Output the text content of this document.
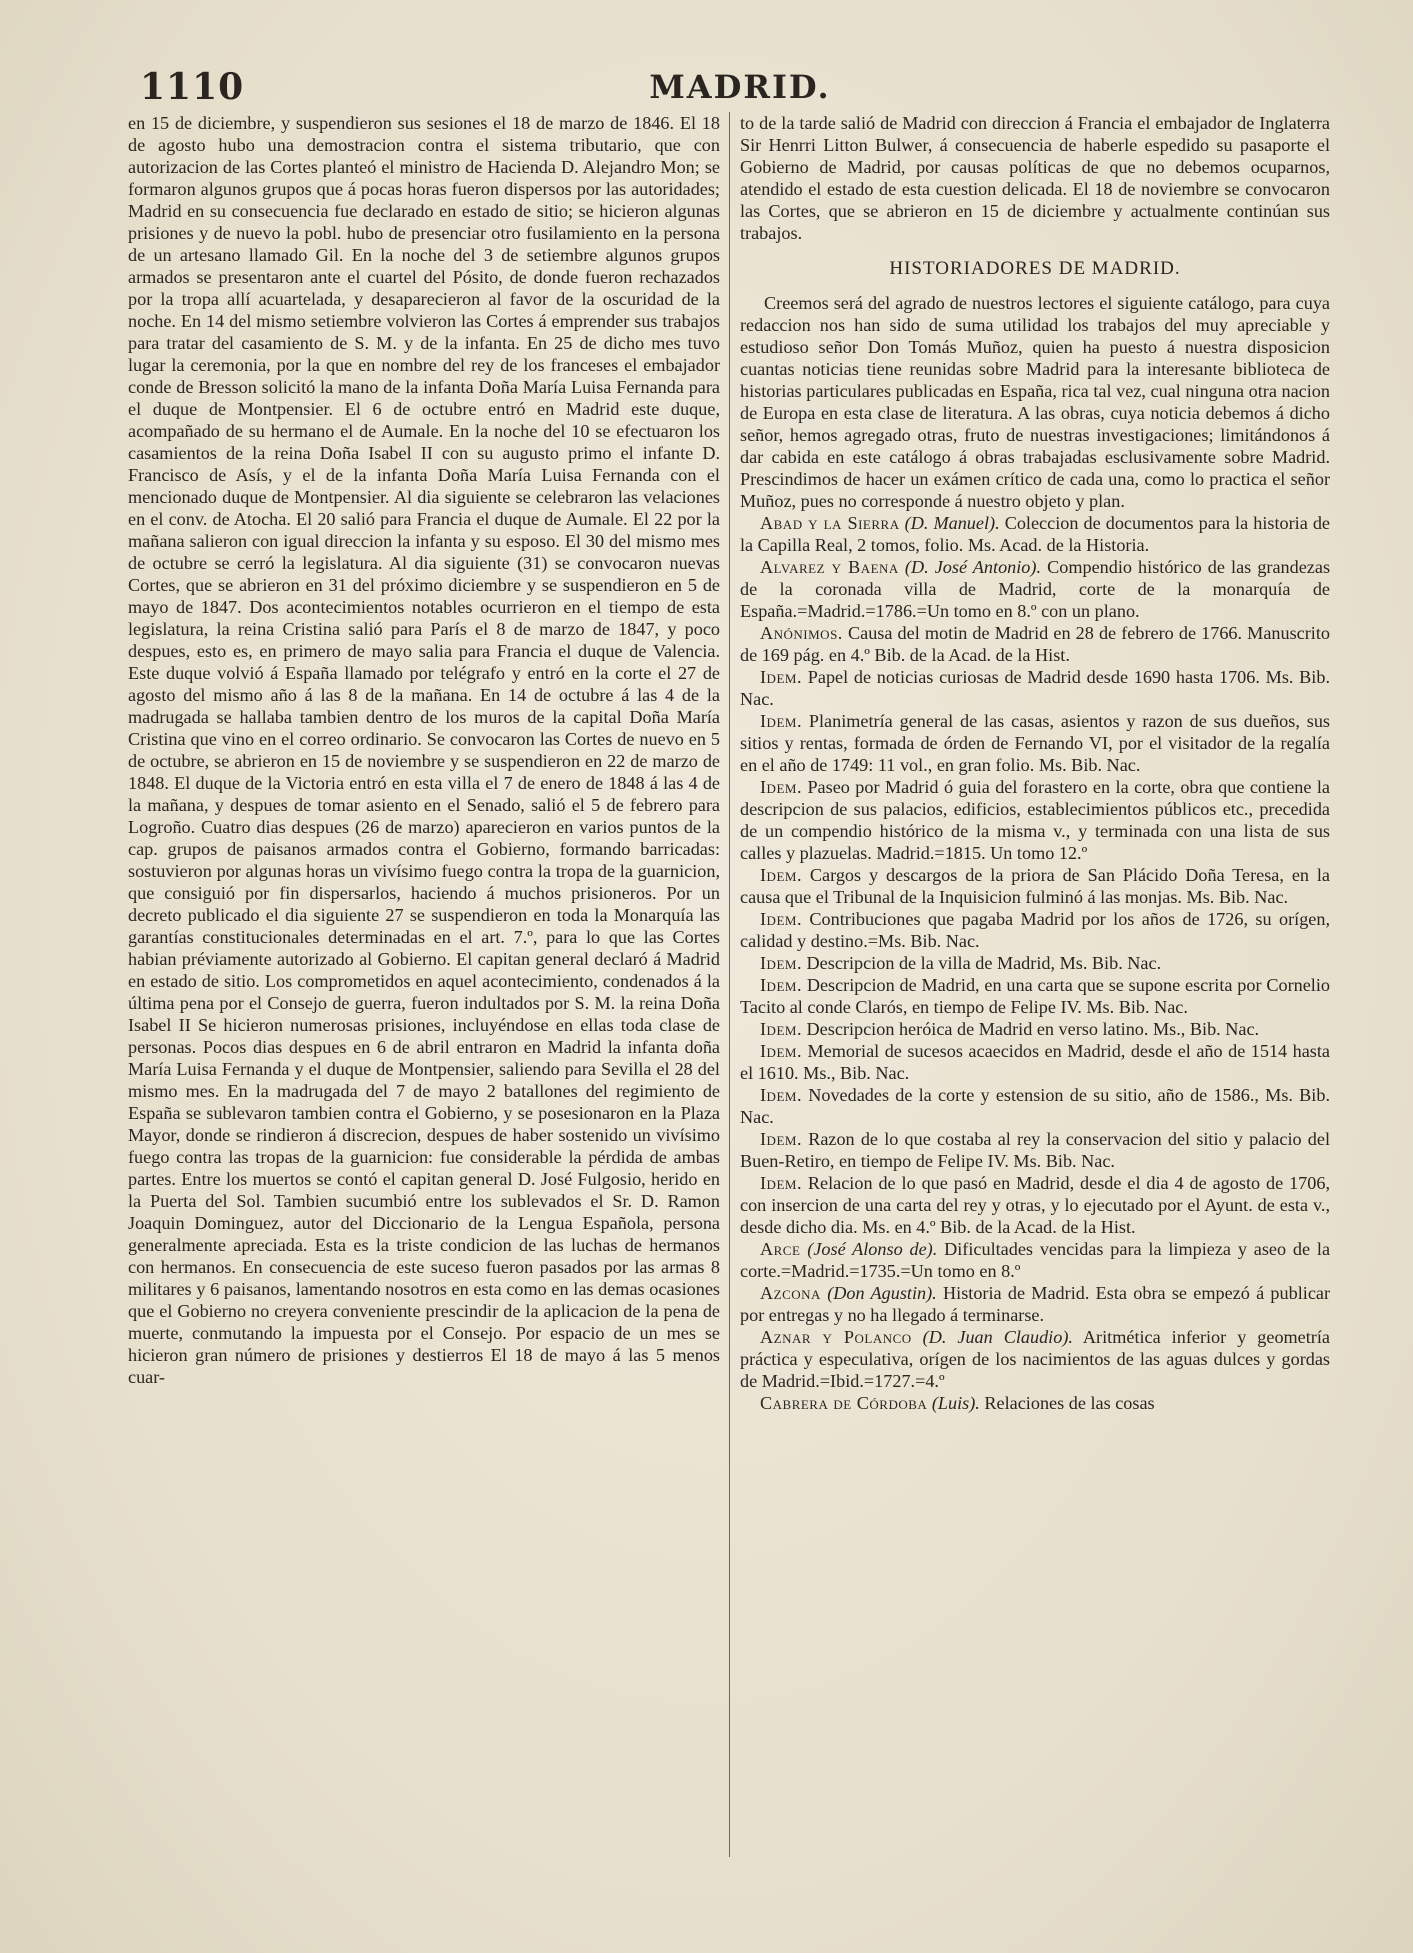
1110	MADRID.

en 15 de diciembre, y suspendieron sus sesiones el 18 de marzo de 1846. El 18 de agosto hubo una demostracion contra el sistema tributario, que con autorizacion de las Cortes planteó el ministro de Hacienda D. Alejandro Mon; se formaron algunos grupos que á pocas horas fueron dispersos por las autoridades; Madrid en su consecuencia fue declarado en estado de sitio; se hicieron algunas prisiones y de nuevo la pobl. hubo de presenciar otro fusilamiento en la persona de un artesano llamado Gil. En la noche del 3 de setiembre algunos grupos armados se presentaron ante el cuartel del Pósito, de donde fueron rechazados por la tropa allí acuartelada, y desaparecieron al favor de la oscuridad de la noche. En 14 del mismo setiembre volvieron las Cortes á emprender sus trabajos para tratar del casamiento de S. M. y de la infanta. En 25 de dicho mes tuvo lugar la ceremonia, por la que en nombre del rey de los franceses el embajador conde de Bresson solicitó la mano de la infanta Doña María Luisa Fernanda para el duque de Montpensier. El 6 de octubre entró en Madrid este duque, acompañado de su hermano el de Aumale. En la noche del 10 se efectuaron los casamientos de la reina Doña Isabel II con su augusto primo el infante D. Francisco de Asís, y el de la infanta Doña María Luisa Fernanda con el mencionado duque de Montpensier. Al dia siguiente se celebraron las velaciones en el conv. de Atocha. El 20 salió para Francia el duque de Aumale. El 22 por la mañana salieron con igual direccion la infanta y su esposo. El 30 del mismo mes de octubre se cerró la legislatura. Al dia siguiente (31) se convocaron nuevas Cortes, que se abrieron en 31 del próximo diciembre y se suspendieron en 5 de mayo de 1847. Dos acontecimientos notables ocurrieron en el tiempo de esta legislatura, la reina Cristina salió para París el 8 de marzo de 1847, y poco despues, esto es, en primero de mayo salia para Francia el duque de Valencia. Este duque volvió á España llamado por telégrafo y entró en la corte el 27 de agosto del mismo año á las 8 de la mañana. En 14 de octubre á las 4 de la madrugada se hallaba tambien dentro de los muros de la capital Doña María Cristina que vino en el correo ordinario. Se convocaron las Cortes de nuevo en 5 de octubre, se abrieron en 15 de noviembre y se suspendieron en 22 de marzo de 1848. El duque de la Victoria entró en esta villa el 7 de enero de 1848 á las 4 de la mañana, y despues de tomar asiento en el Senado, salió el 5 de febrero para Logroño. Cuatro dias despues (26 de marzo) aparecieron en varios puntos de la cap. grupos de paisanos armados contra el Gobierno, formando barricadas: sostuvieron por algunas horas un vivísimo fuego contra la tropa de la guarnicion, que consiguió por fin dispersarlos, haciendo á muchos prisioneros. Por un decreto publicado el dia siguiente 27 se suspendieron en toda la Monarquía las garantías constitucionales determinadas en el art. 7.º, para lo que las Cortes habian préviamente autorizado al Gobierno. El capitan general declaró á Madrid en estado de sitio. Los comprometidos en aquel acontecimiento, condenados á la última pena por el Consejo de guerra, fueron indultados por S. M. la reina Doña Isabel II Se hicieron numerosas prisiones, incluyéndose en ellas toda clase de personas. Pocos dias despues en 6 de abril entraron en Madrid la infanta doña María Luisa Fernanda y el duque de Montpensier, saliendo para Sevilla el 28 del mismo mes. En la madrugada del 7 de mayo 2 batallones del regimiento de España se sublevaron tambien contra el Gobierno, y se posesionaron en la Plaza Mayor, donde se rindieron á discrecion, despues de haber sostenido un vivísimo fuego contra las tropas de la guarnicion: fue considerable la pérdida de ambas partes. Entre los muertos se contó el capitan general D. José Fulgosio, herido en la Puerta del Sol. Tambien sucumbió entre los sublevados el Sr. D. Ramon Joaquin Dominguez, autor del Diccionario de la Lengua Española, persona generalmente apreciada. Esta es la triste condicion de las luchas de hermanos con hermanos. En consecuencia de este suceso fueron pasados por las armas 8 militares y 6 paisanos, lamentando nosotros en esta como en las demas ocasiones que el Gobierno no creyera conveniente prescindir de la aplicacion de la pena de muerte, conmutando la impuesta por el Consejo. Por espacio de un mes se hicieron gran número de prisiones y destierros El 18 de mayo á las 5 menos cuar-

to de la tarde salió de Madrid con direccion á Francia el embajador de Inglaterra Sir Henrri Litton Bulwer, á consecuencia de haberle espedido su pasaporte el Gobierno de Madrid, por causas políticas de que no debemos ocuparnos, atendido el estado de esta cuestion delicada. El 18 de noviembre se convocaron las Cortes, que se abrieron en 15 de diciembre y actualmente continúan sus trabajos.

HISTORIADORES DE MADRID.

Creemos será del agrado de nuestros lectores el siguiente catálogo, para cuya redaccion nos han sido de suma utilidad los trabajos del muy apreciable y estudioso señor Don Tomás Muñoz, quien ha puesto á nuestra disposicion cuantas noticias tiene reunidas sobre Madrid para la interesante biblioteca de historias particulares publicadas en España, rica tal vez, cual ninguna otra nacion de Europa en esta clase de literatura. A las obras, cuya noticia debemos á dicho señor, hemos agregado otras, fruto de nuestras investigaciones; limitándonos á dar cabida en este catálogo á obras trabajadas esclusivamente sobre Madrid. Prescindimos de hacer un exámen crítico de cada una, como lo practica el señor Muñoz, pues no corresponde á nuestro objeto y plan.

Abad y la Sierra (D. Manuel). Coleccion de documentos para la historia de la Capilla Real, 2 tomos, folio. Ms. Acad. de la Historia.

Alvarez y Baena (D. José Antonio). Compendio histórico de las grandezas de la coronada villa de Madrid, corte de la monarquía de España.=Madrid.=1786.=Un tomo en 8.º con un plano.

Anónimos. Causa del motin de Madrid en 28 de febrero de 1766. Manuscrito de 169 pág. en 4.º Bib. de la Acad. de la Hist.

Idem. Papel de noticias curiosas de Madrid desde 1690 hasta 1706. Ms. Bib. Nac.

Idem. Planimetría general de las casas, asientos y razon de sus dueños, sus sitios y rentas, formada de órden de Fernando VI, por el visitador de la regalía en el año de 1749: 11 vol., en gran folio. Ms. Bib. Nac.

Idem. Paseo por Madrid ó guia del forastero en la corte, obra que contiene la descripcion de sus palacios, edificios, establecimientos públicos etc., precedida de un compendio histórico de la misma v., y terminada con una lista de sus calles y plazuelas. Madrid.=1815. Un tomo 12.º

Idem. Cargos y descargos de la priora de San Plácido Doña Teresa, en la causa que el Tribunal de la Inquisicion fulminó á las monjas. Ms. Bib. Nac.

Idem. Contribuciones que pagaba Madrid por los años de 1726, su orígen, calidad y destino.=Ms. Bib. Nac.

Idem. Descripcion de la villa de Madrid, Ms. Bib. Nac.

Idem. Descripcion de Madrid, en una carta que se supone escrita por Cornelio Tacito al conde Clarós, en tiempo de Felipe IV. Ms. Bib. Nac.

Idem. Descripcion heróica de Madrid en verso latino. Ms., Bib. Nac.

Idem. Memorial de sucesos acaecidos en Madrid, desde el año de 1514 hasta el 1610. Ms., Bib. Nac.

Idem. Novedades de la corte y estension de su sitio, año de 1586., Ms. Bib. Nac.

Idem. Razon de lo que costaba al rey la conservacion del sitio y palacio del Buen-Retiro, en tiempo de Felipe IV. Ms. Bib. Nac.

Idem. Relacion de lo que pasó en Madrid, desde el dia 4 de agosto de 1706, con insercion de una carta del rey y otras, y lo ejecutado por el Ayunt. de esta v., desde dicho dia. Ms. en 4.º Bib. de la Acad. de la Hist.

Arce (José Alonso de). Dificultades vencidas para la limpieza y aseo de la corte.=Madrid.=1735.=Un tomo en 8.º

Azcona (Don Agustin). Historia de Madrid. Esta obra se empezó á publicar por entregas y no ha llegado á terminarse.

Aznar y Polanco (D. Juan Claudio). Aritmética inferior y geometría práctica y especulativa, orígen de los nacimientos de las aguas dulces y gordas de Madrid.=Ibid.=1727.=4.º

Cabrera de Córdoba (Luis). Relaciones de las cosas
